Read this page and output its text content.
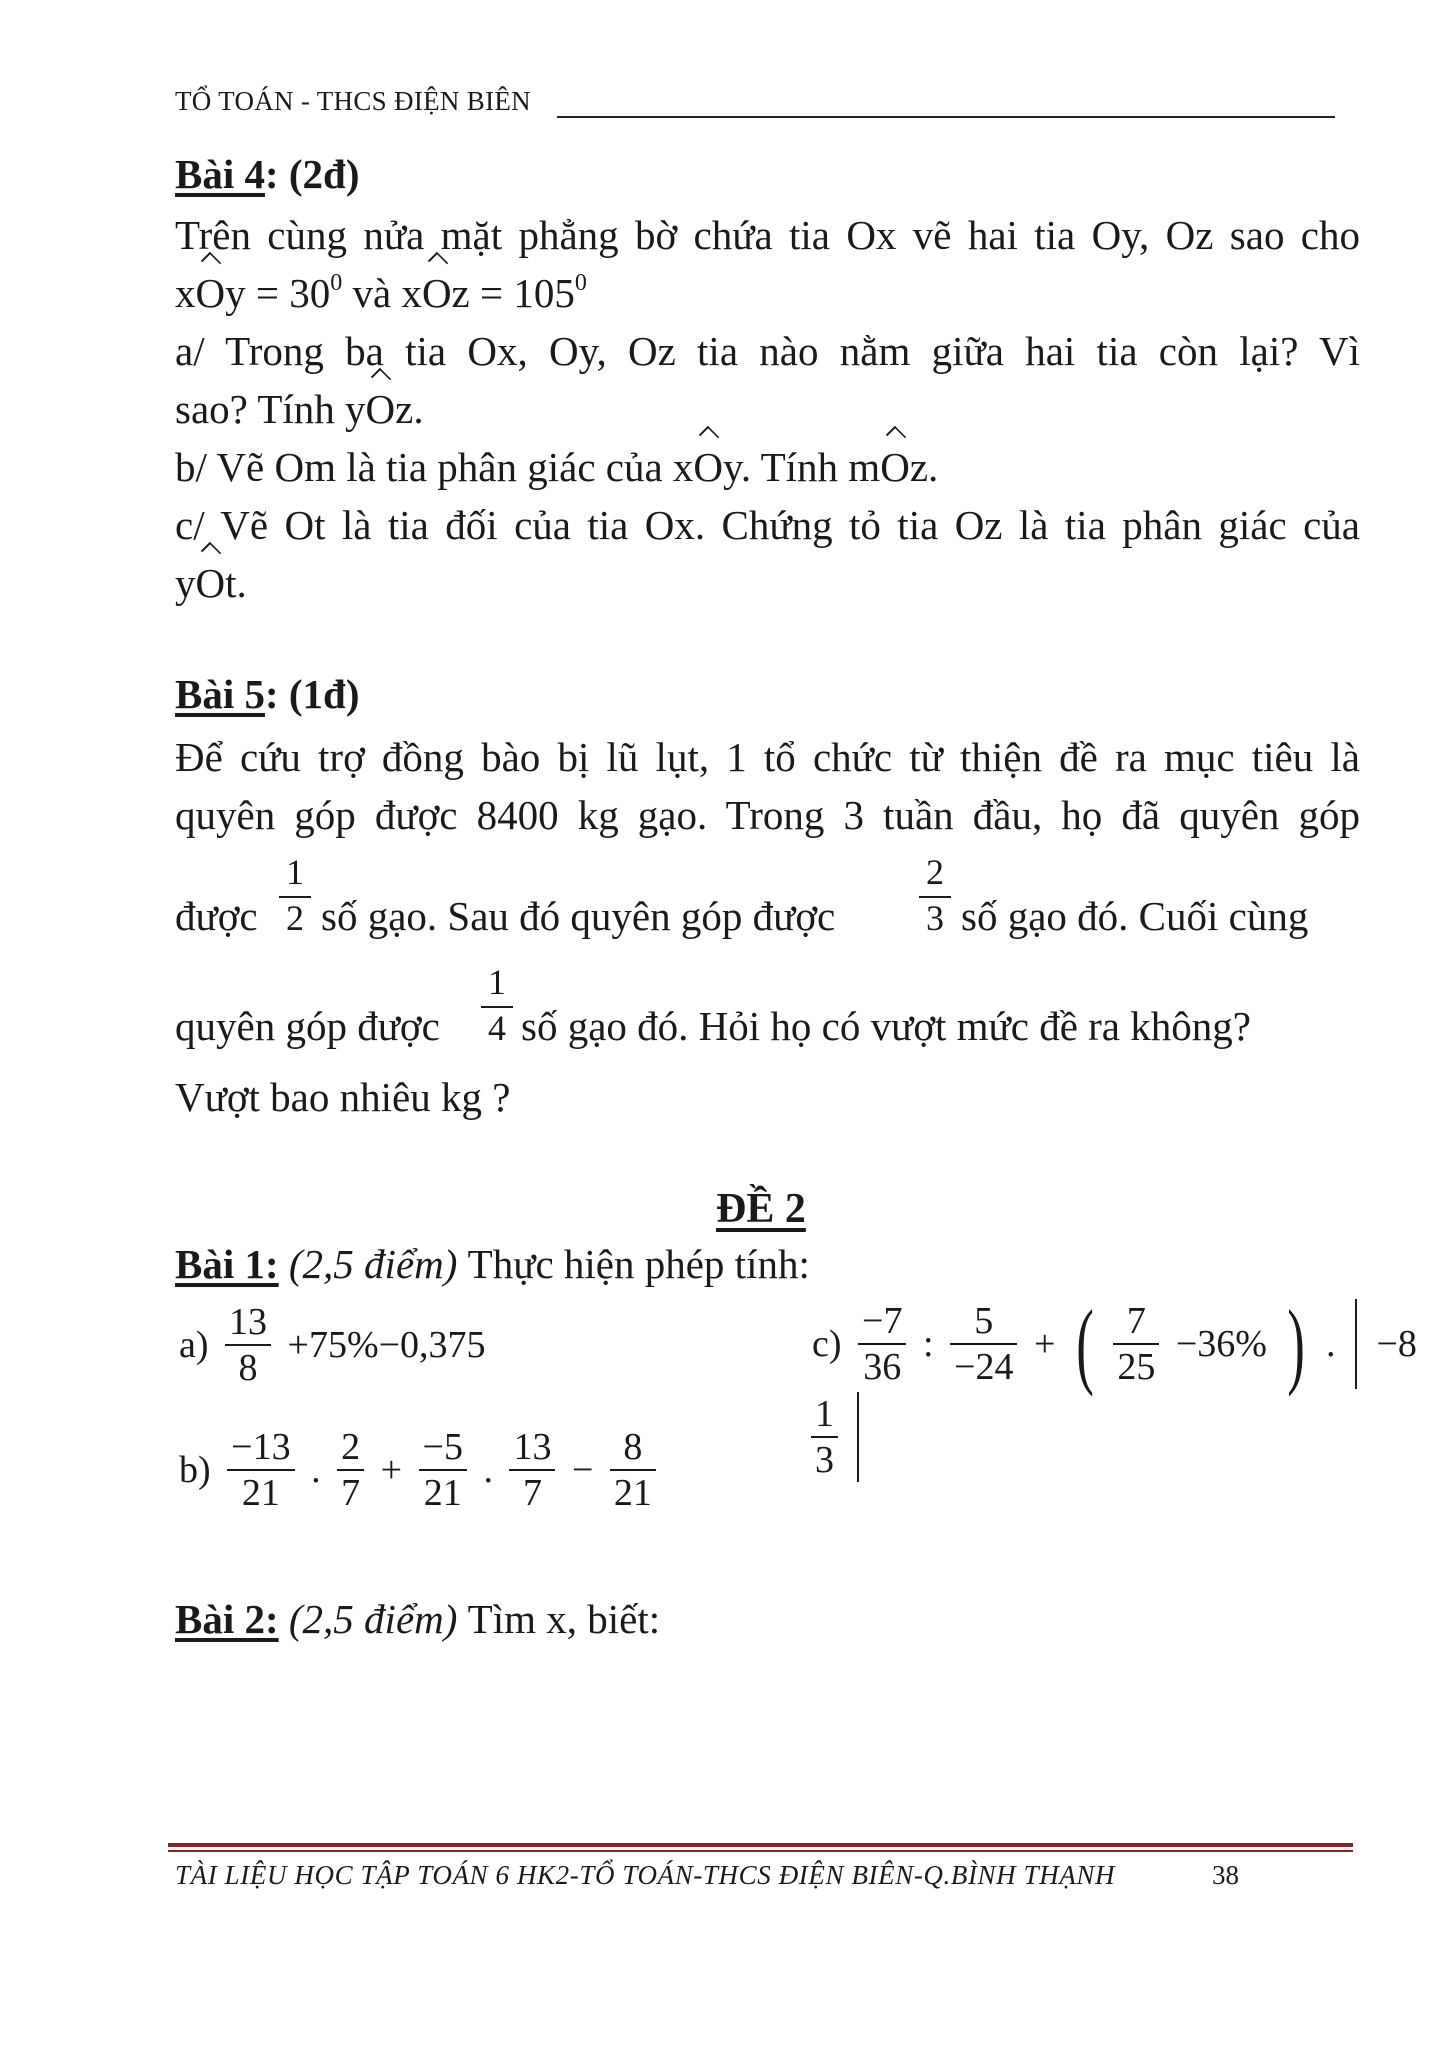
TỔ TOÁN - THCS ĐIỆN BIÊN
Bài 4: (2đ)
Trên cùng nửa mặt phẳng bờ chứa tia Ox vẽ hai tia Oy, Oz sao cho
xOy = $30^0$ và xOz = $105^0$
a/ Trong ba tia Ox, Oy, Oz tia nào nằm giữa hai tia còn lại? Vì
sao? Tính yOz.
b/ Vẽ Om là tia phân giác của xOy. Tính mOz.
c/ Vẽ Ot là tia đối của tia Ox. Chứng tỏ tia Oz là tia phân giác của
yOt.
Bài 5: (1đ)
Để cứu trợ đồng bào bị lũ lụt, 1 tổ chức từ thiện đề ra mục tiêu là
quyên góp được 8400 kg gạo. Trong 3 tuần đầu, họ đã quyên góp
được
1
2 số gạo. Sau đó quyên góp được
2
3 số gạo đó. Cuối cùng
quyên góp được
1
4 số gạo đó. Hỏi họ có vượt mức đề ra không?
Vượt bao nhiêu kg ?
ĐỀ 2
Bài 1: (2,5 điểm) Thực hiện phép tính:
$a) \frac{13}{8} +75\%-0,375$	$c) \frac{-7}{36}$ : $\frac{5}{-24}$ + ( $\frac{7}{25} -36\%$ ) . −8
$\frac{1}{3}$

$b) \frac{-13}{21}$ . $\frac{2}{7} + \frac{-5}{21}$ . $\frac{13}{7} - \frac{8}{21}$
Bài 2: (2,5 điểm) Tìm x, biết:
TÀI LIỆU HỌC TẬP TOÁN 6 HK2-TỔ TOÁN-THCS ĐIỆN BIÊN-Q.BÌNH THẠNH	38
